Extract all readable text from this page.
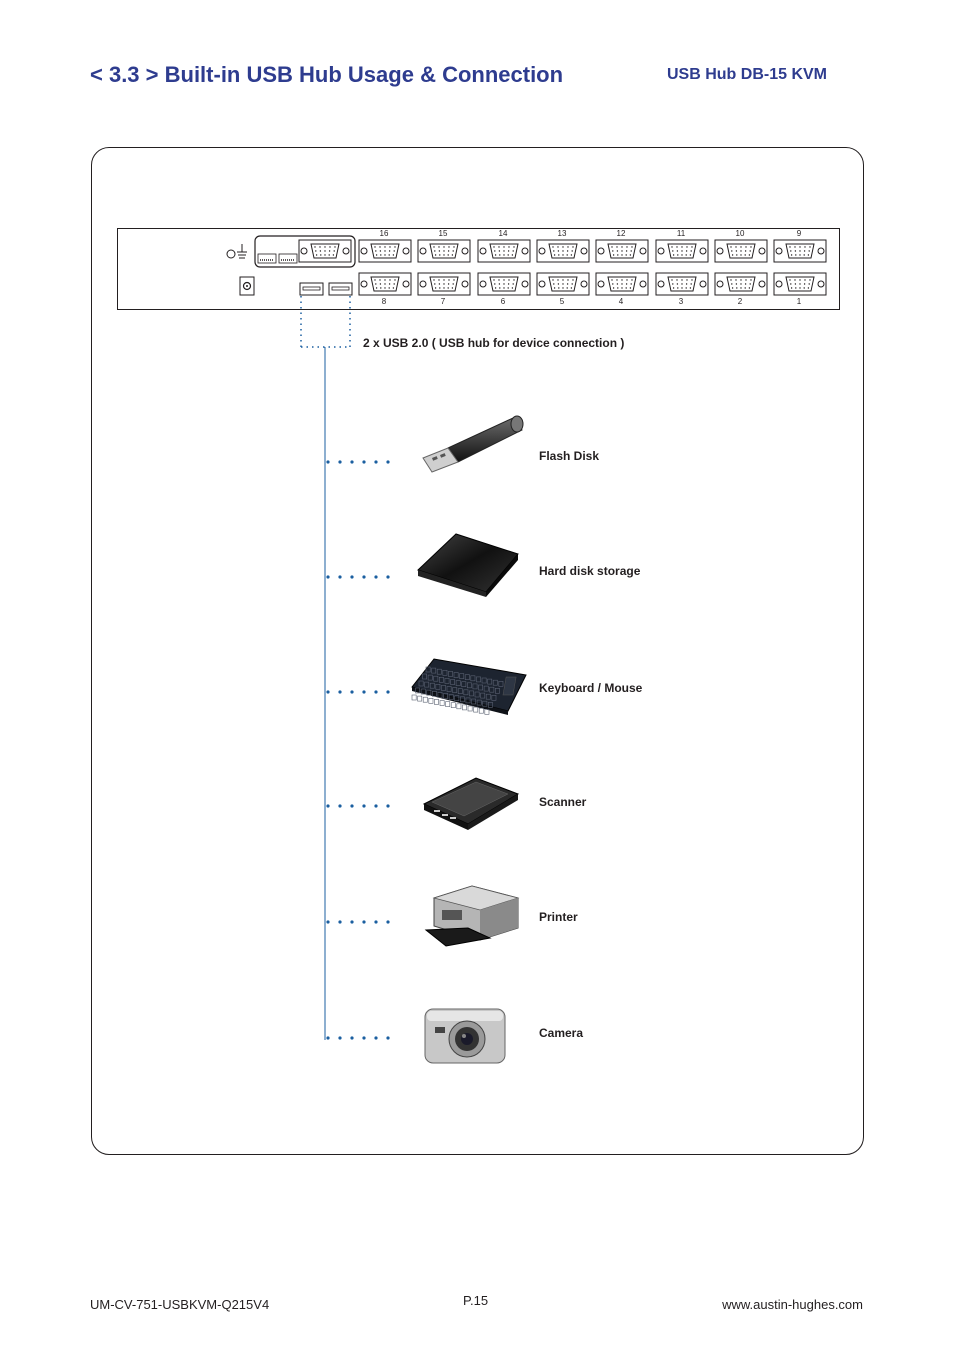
< 3.3 > Built-in USB Hub Usage & Connection	USB Hub DB-15 KVM
16
8
15
7
14
6
13
5
12
4
11
3
10
2
9
1
2 x USB 2.0 ( USB hub for device connection )
Flash Disk
Hard disk storage
Keyboard / Mouse
Scanner
Printer
Camera
UM-CV-751-USBKVM-Q215V4	P.15	www.austin-hughes.com
